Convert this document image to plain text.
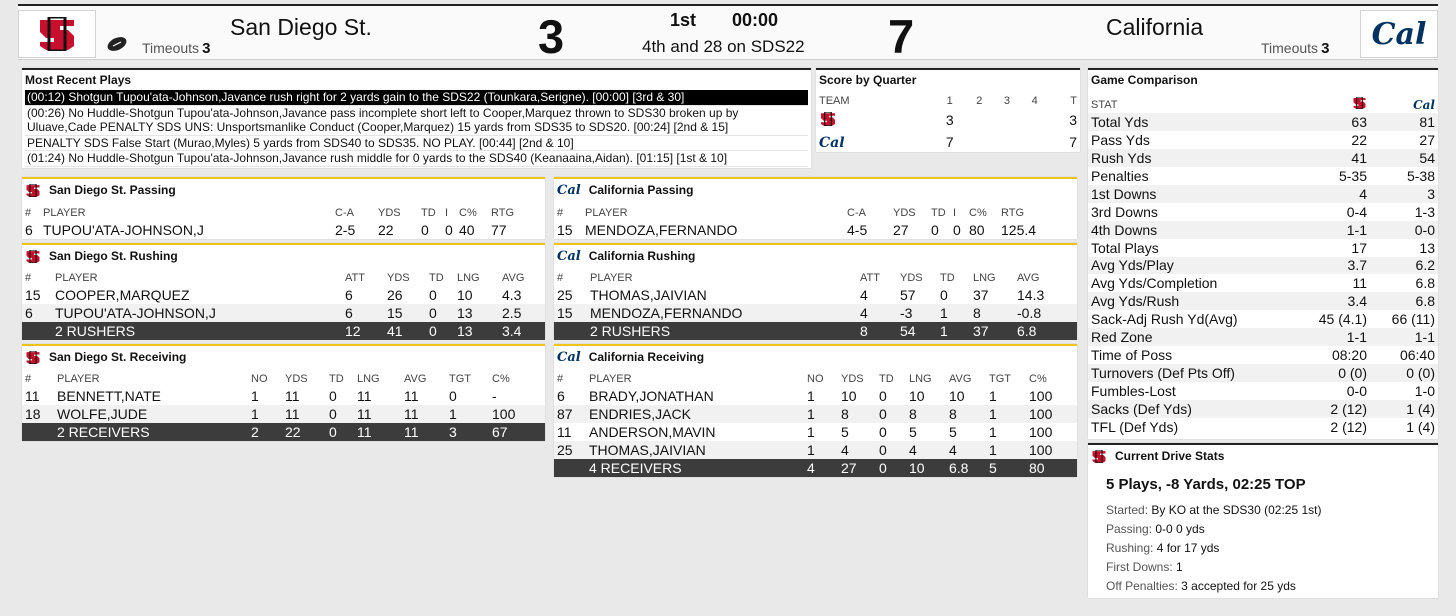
San Diego St.
Timeouts 3	3	1st 00:00
4th and 28 on SDS22 7	California
Timeouts 3 Cal
Most Recent Plays
(00:12) Shotgun Tupou'ata-Johnson,Javance rush right for 2 yards gain to the SDS22 (Tounkara,Serigne). [00:00] [3rd & 30]
(00:26) No Huddle-Shotgun Tupou'ata-Johnson,Javance pass incomplete short left to Cooper,Marquez thrown to SDS30 broken up by Uluave,Cade PENALTY SDS UNS: Unsportsmanlike Conduct (Cooper,Marquez) 15 yards from SDS35 to SDS20. [00:24] [2nd & 15]
PENALTY SDS False Start (Murao,Myles) 5 yards from SDS40 to SDS35. NO PLAY. [00:44] [2nd & 10]
(01:24) No Huddle-Shotgun Tupou'ata-Johnson,Javance rush middle for 0 yards to the SDS40 (Keanaaina,Aidan). [01:15] [1st & 10]
Score by Quarter
TEAM	1	2	3	4	T
	3				3
Cal	7				7
San Diego St. Passing
#	PLAYER	C-A	YDS	TD	I	C%	RTG
6	TUPOU'ATA-JOHNSON,J	2-5	22	0	0	40	77
Cal California Passing
#	PLAYER	C-A	YDS	TD	I	C%	RTG
15	MENDOZA,FERNANDO	4-5	27	0	0	80	125.4
San Diego St. Rushing
#	PLAYER	ATT	YDS	TD	LNG	AVG
15	COOPER,MARQUEZ	6	26	0	10	4.3
6	TUPOU'ATA-JOHNSON,J	6	15	0	13	2.5
	2 RUSHERS	12	41	0	13	3.4
Cal California Rushing
#	PLAYER	ATT	YDS	TD	LNG	AVG
25	THOMAS,JAIVIAN	4	57	0	37	14.3
15	MENDOZA,FERNANDO	4	-3	1	8	-0.8
	2 RUSHERS	8	54	1	37	6.8
San Diego St. Receiving
#	PLAYER	NO	YDS	TD	LNG	AVG	TGT	C%
11	BENNETT,NATE	1	11	0	11	11	0	-
18	WOLFE,JUDE	1	11	0	11	11	1	100
	2 RECEIVERS	2	22	0	11	11	3	67
Cal California Receiving
#	PLAYER	NO	YDS	TD	LNG	AVG	TGT	C%
6	BRADY,JONATHAN	1	10	0	10	10	1	100
87	ENDRIES,JACK	1	8	0	8	8	1	100
11	ANDERSON,MAVIN	1	5	0	5	5	1	100
25	THOMAS,JAIVIAN	1	4	0	4	4	1	100
	4 RECEIVERS	4	27	0	10	6.8	5	80
Game Comparison
STAT		Cal
Total Yds	63	81
Pass Yds	22	27
Rush Yds	41	54
Penalties	5-35	5-38
1st Downs	4	3
3rd Downs	0-4	1-3
4th Downs	1-1	0-0
Total Plays	17	13
Avg Yds/Play	3.7	6.2
Avg Yds/Completion	11	6.8
Avg Yds/Rush	3.4	6.8
Sack-Adj Rush Yd(Avg)	45 (4.1)	66 (11)
Red Zone	1-1	1-1
Time of Poss	08:20	06:40
Turnovers (Def Pts Off)	0 (0)	0 (0)
Fumbles-Lost	0-0	1-0
Sacks (Def Yds)	2 (12)	1 (4)
TFL (Def Yds)	2 (12)	1 (4)
Current Drive Stats
5 Plays, -8 Yards, 02:25 TOP
Started: By KO at the SDS30 (02:25 1st)
Passing: 0-0 0 yds
Rushing: 4 for 17 yds
First Downs: 1
Off Penalties: 3 accepted for 25 yds
